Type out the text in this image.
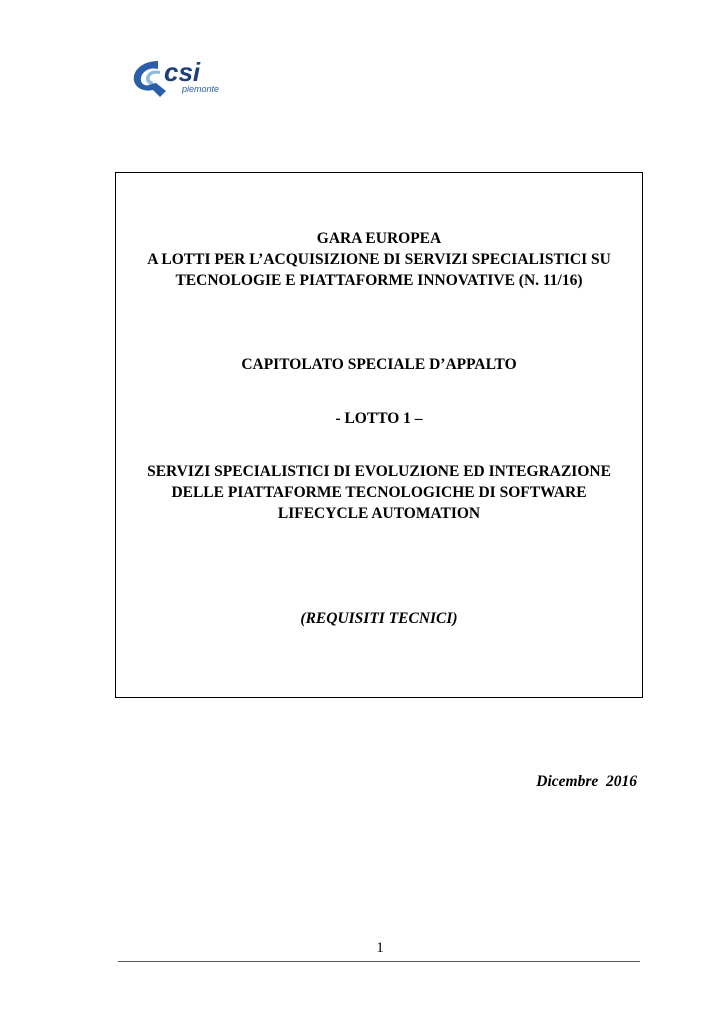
csi
piemonte
GARA EUROPEA
A LOTTI PER L’ACQUISIZIONE DI SERVIZI SPECIALISTICI SU
TECNOLOGIE E PIATTAFORME INNOVATIVE (N. 11/16)
CAPITOLATO SPECIALE D’APPALTO
- LOTTO 1 –
SERVIZI SPECIALISTICI DI EVOLUZIONE ED INTEGRAZIONE
DELLE PIATTAFORME TECNOLOGICHE DI SOFTWARE
LIFECYCLE AUTOMATION
(REQUISITI TECNICI)
Dicembre  2016
1
